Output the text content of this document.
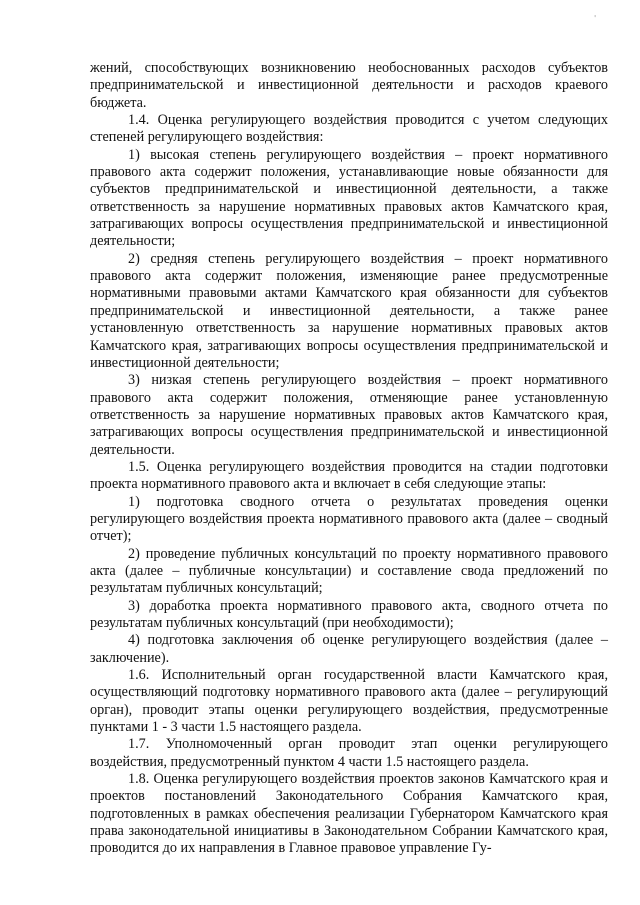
'

жений, способствующих возникновению необоснованных расходов субъектов предпринимательской и инвестиционной деятельности и расходов краевого бюджета.

1.4. Оценка регулирующего воздействия проводится с учетом следующих степеней регулирующего воздействия:

1) высокая степень регулирующего воздействия – проект нормативного правового акта содержит положения, устанавливающие новые обязанности для субъектов предпринимательской и инвестиционной деятельности, а также ответственность за нарушение нормативных правовых актов Камчатского края, затрагивающих вопросы осуществления предпринимательской и инвестиционной деятельности;

2) средняя степень регулирующего воздействия – проект нормативного правового акта содержит положения, изменяющие ранее предусмотренные нормативными правовыми актами Камчатского края обязанности для субъектов предпринимательской и инвестиционной деятельности, а также ранее установленную ответственность за нарушение нормативных правовых актов Камчатского края, затрагивающих вопросы осуществления предпринимательской и инвестиционной деятельности;

3) низкая степень регулирующего воздействия – проект нормативного правового акта содержит положения, отменяющие ранее установленную ответственность за нарушение нормативных правовых актов Камчатского края, затрагивающих вопросы осуществления предпринимательской и инвестиционной деятельности.

1.5. Оценка регулирующего воздействия проводится на стадии подготовки проекта нормативного правового акта и включает в себя следующие этапы:

1) подготовка сводного отчета о результатах проведения оценки регулирующего воздействия проекта нормативного правового акта (далее – сводный отчет);

2) проведение публичных консультаций по проекту нормативного правового акта (далее – публичные консультации) и составление свода предложений по результатам публичных консультаций;

3) доработка проекта нормативного правового акта, сводного отчета по результатам публичных консультаций (при необходимости);

4) подготовка заключения об оценке регулирующего воздействия (далее – заключение).

1.6. Исполнительный орган государственной власти Камчатского края, осуществляющий подготовку нормативного правового акта (далее – регулирующий орган), проводит этапы оценки регулирующего воздействия, предусмотренные пунктами 1 - 3 части 1.5 настоящего раздела.

1.7. Уполномоченный орган проводит этап оценки регулирующего воздействия, предусмотренный пунктом 4 части 1.5 настоящего раздела.

1.8. Оценка регулирующего воздействия проектов законов Камчатского края и проектов постановлений Законодательного Собрания Камчатского края, подготовленных в рамках обеспечения реализации Губернатором Камчатского края права законодательной инициативы в Законодательном Собрании Камчатского края, проводится до их направления в Главное правовое управление Гу-
